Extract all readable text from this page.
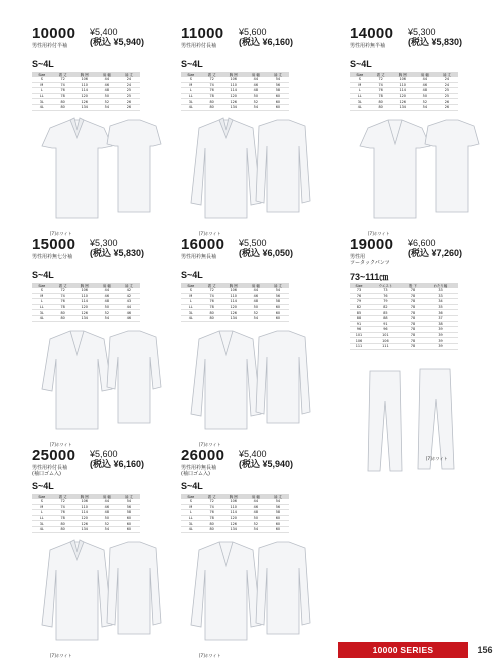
10000
男性用衿付半袖
¥5,400
(税込 ¥5,940)
S~4L
Size	着 丈	胸 囲	肩 幅	袖 丈
S	72	106	44	24
M	74	110	46	24
L	76	114	48	25
LL	78	120	50	25
3L	80	126	52	26
4L	80	134	54	26
[7]ホワイト
11000
男性用衿付長袖
¥5,600
(税込 ¥6,160)
S~4L
Size	着 丈	胸 囲	肩 幅	袖 丈
S	72	106	44	54
M	74	110	46	56
L	76	114	48	58
LL	78	120	50	60
3L	80	126	52	60
4L	80	134	54	60
[7]ホワイト
14000
男性用衿無半袖
¥5,300
(税込 ¥5,830)
S~4L
Size	着 丈	胸 囲	肩 幅	袖 丈
S	72	106	44	24
M	74	110	46	24
L	76	114	48	25
LL	78	120	50	25
3L	80	126	52	26
4L	80	134	54	26
[7]ホワイト
15000
男性用衿無七分袖
¥5,300
(税込 ¥5,830)
S~4L
Size	着 丈	胸 囲	肩 幅	袖 丈
S	72	106	44	42
M	74	110	46	42
L	76	114	48	43
LL	78	120	50	44
3L	80	126	52	46
4L	80	134	54	46
[7]ホワイト
16000
男性用衿無長袖
¥5,500
(税込 ¥6,050)
S~4L
Size	着 丈	胸 囲	肩 幅	袖 丈
S	72	106	44	54
M	74	110	46	56
L	76	114	48	58
LL	78	120	50	60
3L	80	126	52	60
4L	80	134	54	60
[7]ホワイト
19000
男性用
ツータックパンツ
¥6,600
(税込 ¥7,260)
73~111㎝
Size	ウエスト	股 下	わたり幅
73	73	78	33
76	76	78	33
79	79	78	34
82	82	78	35
85	85	78	36
88	88	78	37
91	91	78	38
96	96	78	39
101	101	78	39
106	106	78	39
111	111	78	39
[7]ホワイト
25000
男性用衿付長袖
(袖口ゴム入)
¥5,600
(税込 ¥6,160)
S~4L
Size	着 丈	胸 囲	肩 幅	袖 丈
S	72	106	44	54
M	74	110	46	56
L	76	114	48	58
LL	78	120	50	60
3L	80	126	52	60
4L	80	134	54	60
[7]ホワイト
26000
男性用衿無長袖
(袖口ゴム入)
¥5,400
(税込 ¥5,940)
S~4L
Size	着 丈	胸 囲	肩 幅	袖 丈
S	72	106	44	54
M	74	110	46	56
L	76	114	48	58
LL	78	120	50	60
3L	80	126	52	60
4L	80	134	54	60
[7]ホワイト
10000 SERIES	156
